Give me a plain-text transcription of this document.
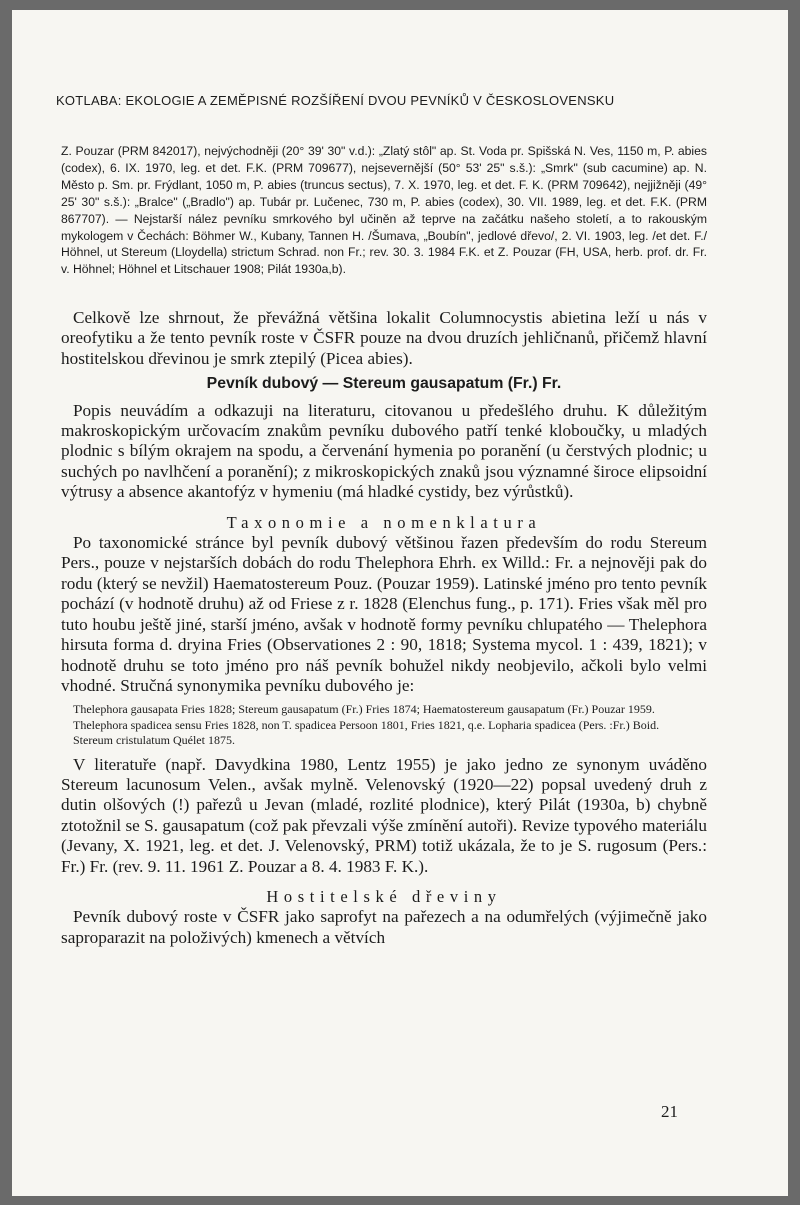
KOTLABA: EKOLOGIE A ZEMĚPISNÉ ROZŠÍŘENÍ DVOU PEVNÍKŮ V ČESKOSLOVENSKU
Z. Pouzar (PRM 842017), nejvýchodněji (20° 39' 30" v.d.): „Zlatý stôl" ap. St. Voda pr. Spišská N. Ves, 1150 m, P. abies (codex), 6. IX. 1970, leg. et det. F.K. (PRM 709677), nejsevernější (50° 53' 25" s.š.): „Smrk" (sub cacumine) ap. N. Město p. Sm. pr. Frýdlant, 1050 m, P. abies (truncus sectus), 7. X. 1970, leg. et det. F. K. (PRM 709642), nejjižněji (49° 25' 30" s.š.): „Bralce" („Bradlo") ap. Tubár pr. Lučenec, 730 m, P. abies (codex), 30. VII. 1989, leg. et det. F.K. (PRM 867707). — Nejstarší nález pevníku smrkového byl učiněn až teprve na začátku našeho století, a to rakouským mykologem v Čechách: Böhmer W., Kubany, Tannen H. /Šumava, „Boubín", jedlové dřevo/, 2. VI. 1903, leg. /et det. F./ Höhnel, ut Stereum (Lloydella) strictum Schrad. non Fr.; rev. 30. 3. 1984 F.K. et Z. Pouzar (FH, USA, herb. prof. dr. Fr. v. Höhnel; Höhnel et Litschauer 1908; Pilát 1930a,b).

Celkově lze shrnout, že převážná většina lokalit Columnocystis abietina leží u nás v oreofytiku a že tento pevník roste v ČSFR pouze na dvou druzích jehličnanů, přičemž hlavní hostitelskou dřevinou je smrk ztepilý (Picea abies).

Pevník dubový — Stereum gausapatum (Fr.) Fr.

Popis neuvádím a odkazuji na literaturu, citovanou u předešlého druhu. K důležitým makroskopickým určovacím znakům pevníku dubového patří tenké kloboučky, u mladých plodnic s bílým okrajem na spodu, a červenání hymenia po poranění (u čerstvých plodnic; u suchých po navlhčení a poranění); z mikroskopických znaků jsou významné široce elipsoidní výtrusy a absence akantofýz v hymeniu (má hladké cystidy, bez výrůstků).

Taxonomie a nomenklatura

Po taxonomické stránce byl pevník dubový většinou řazen především do rodu Stereum Pers., pouze v nejstarších dobách do rodu Thelephora Ehrh. ex Willd.: Fr. a nejnověji pak do rodu (který se nevžil) Haematostereum Pouz. (Pouzar 1959). Latinské jméno pro tento pevník pochází (v hodnotě druhu) až od Friese z r. 1828 (Elenchus fung., p. 171). Fries však měl pro tuto houbu ještě jiné, starší jméno, avšak v hodnotě formy pevníku chlupatého — Thelephora hirsuta forma d. dryina Fries (Observationes 2 : 90, 1818; Systema mycol. 1 : 439, 1821); v hodnotě druhu se toto jméno pro náš pevník bohužel nikdy neobjevilo, ačkoli bylo velmi vhodné. Stručná synonymika pevníku dubového je:

Thelephora gausapata Fries 1828; Stereum gausapatum (Fr.) Fries 1874; Haematostereum gausapatum (Fr.) Pouzar 1959.
Thelephora spadicea sensu Fries 1828, non T. spadicea Persoon 1801, Fries 1821, q.e. Lopharia spadicea (Pers. :Fr.) Boid.
Stereum cristulatum Quélet 1875.

V literatuře (např. Davydkina 1980, Lentz 1955) je jako jedno ze synonym uváděno Stereum lacunosum Velen., avšak mylně. Velenovský (1920—22) popsal uvedený druh z dutin olšových (!) pařezů u Jevan (mladé, rozlité plodnice), který Pilát (1930a, b) chybně ztotožnil se S. gausapatum (což pak převzali výše zmínění autoři). Revize typového materiálu (Jevany, X. 1921, leg. et det. J. Velenovský, PRM) totiž ukázala, že to je S. rugosum (Pers.: Fr.) Fr. (rev. 9. 11. 1961 Z. Pouzar a 8. 4. 1983 F. K.).

Hostitelské dřeviny

Pevník dubový roste v ČSFR jako saprofyt na pařezech a na odumřelých (výjimečně jako saproparazit na položivých) kmenech a větvích

21
